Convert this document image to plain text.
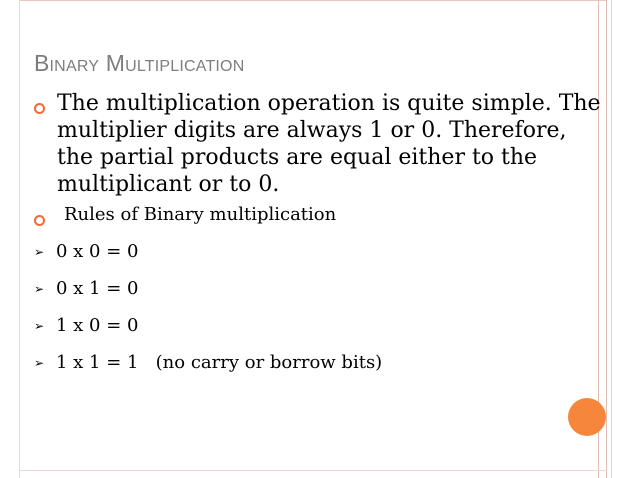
Binary Multiplication
The multiplication operation is quite simple. The multiplier digits are always 1 or 0. Therefore, the partial products are equal either to the multiplicant or to 0.
Rules of Binary multiplication
➢ 0 x 0 = 0
➢ 0 x 1 = 0
➢ 1 x 0 = 0
➢ 1 x 1 = 1   (no carry or borrow bits)
